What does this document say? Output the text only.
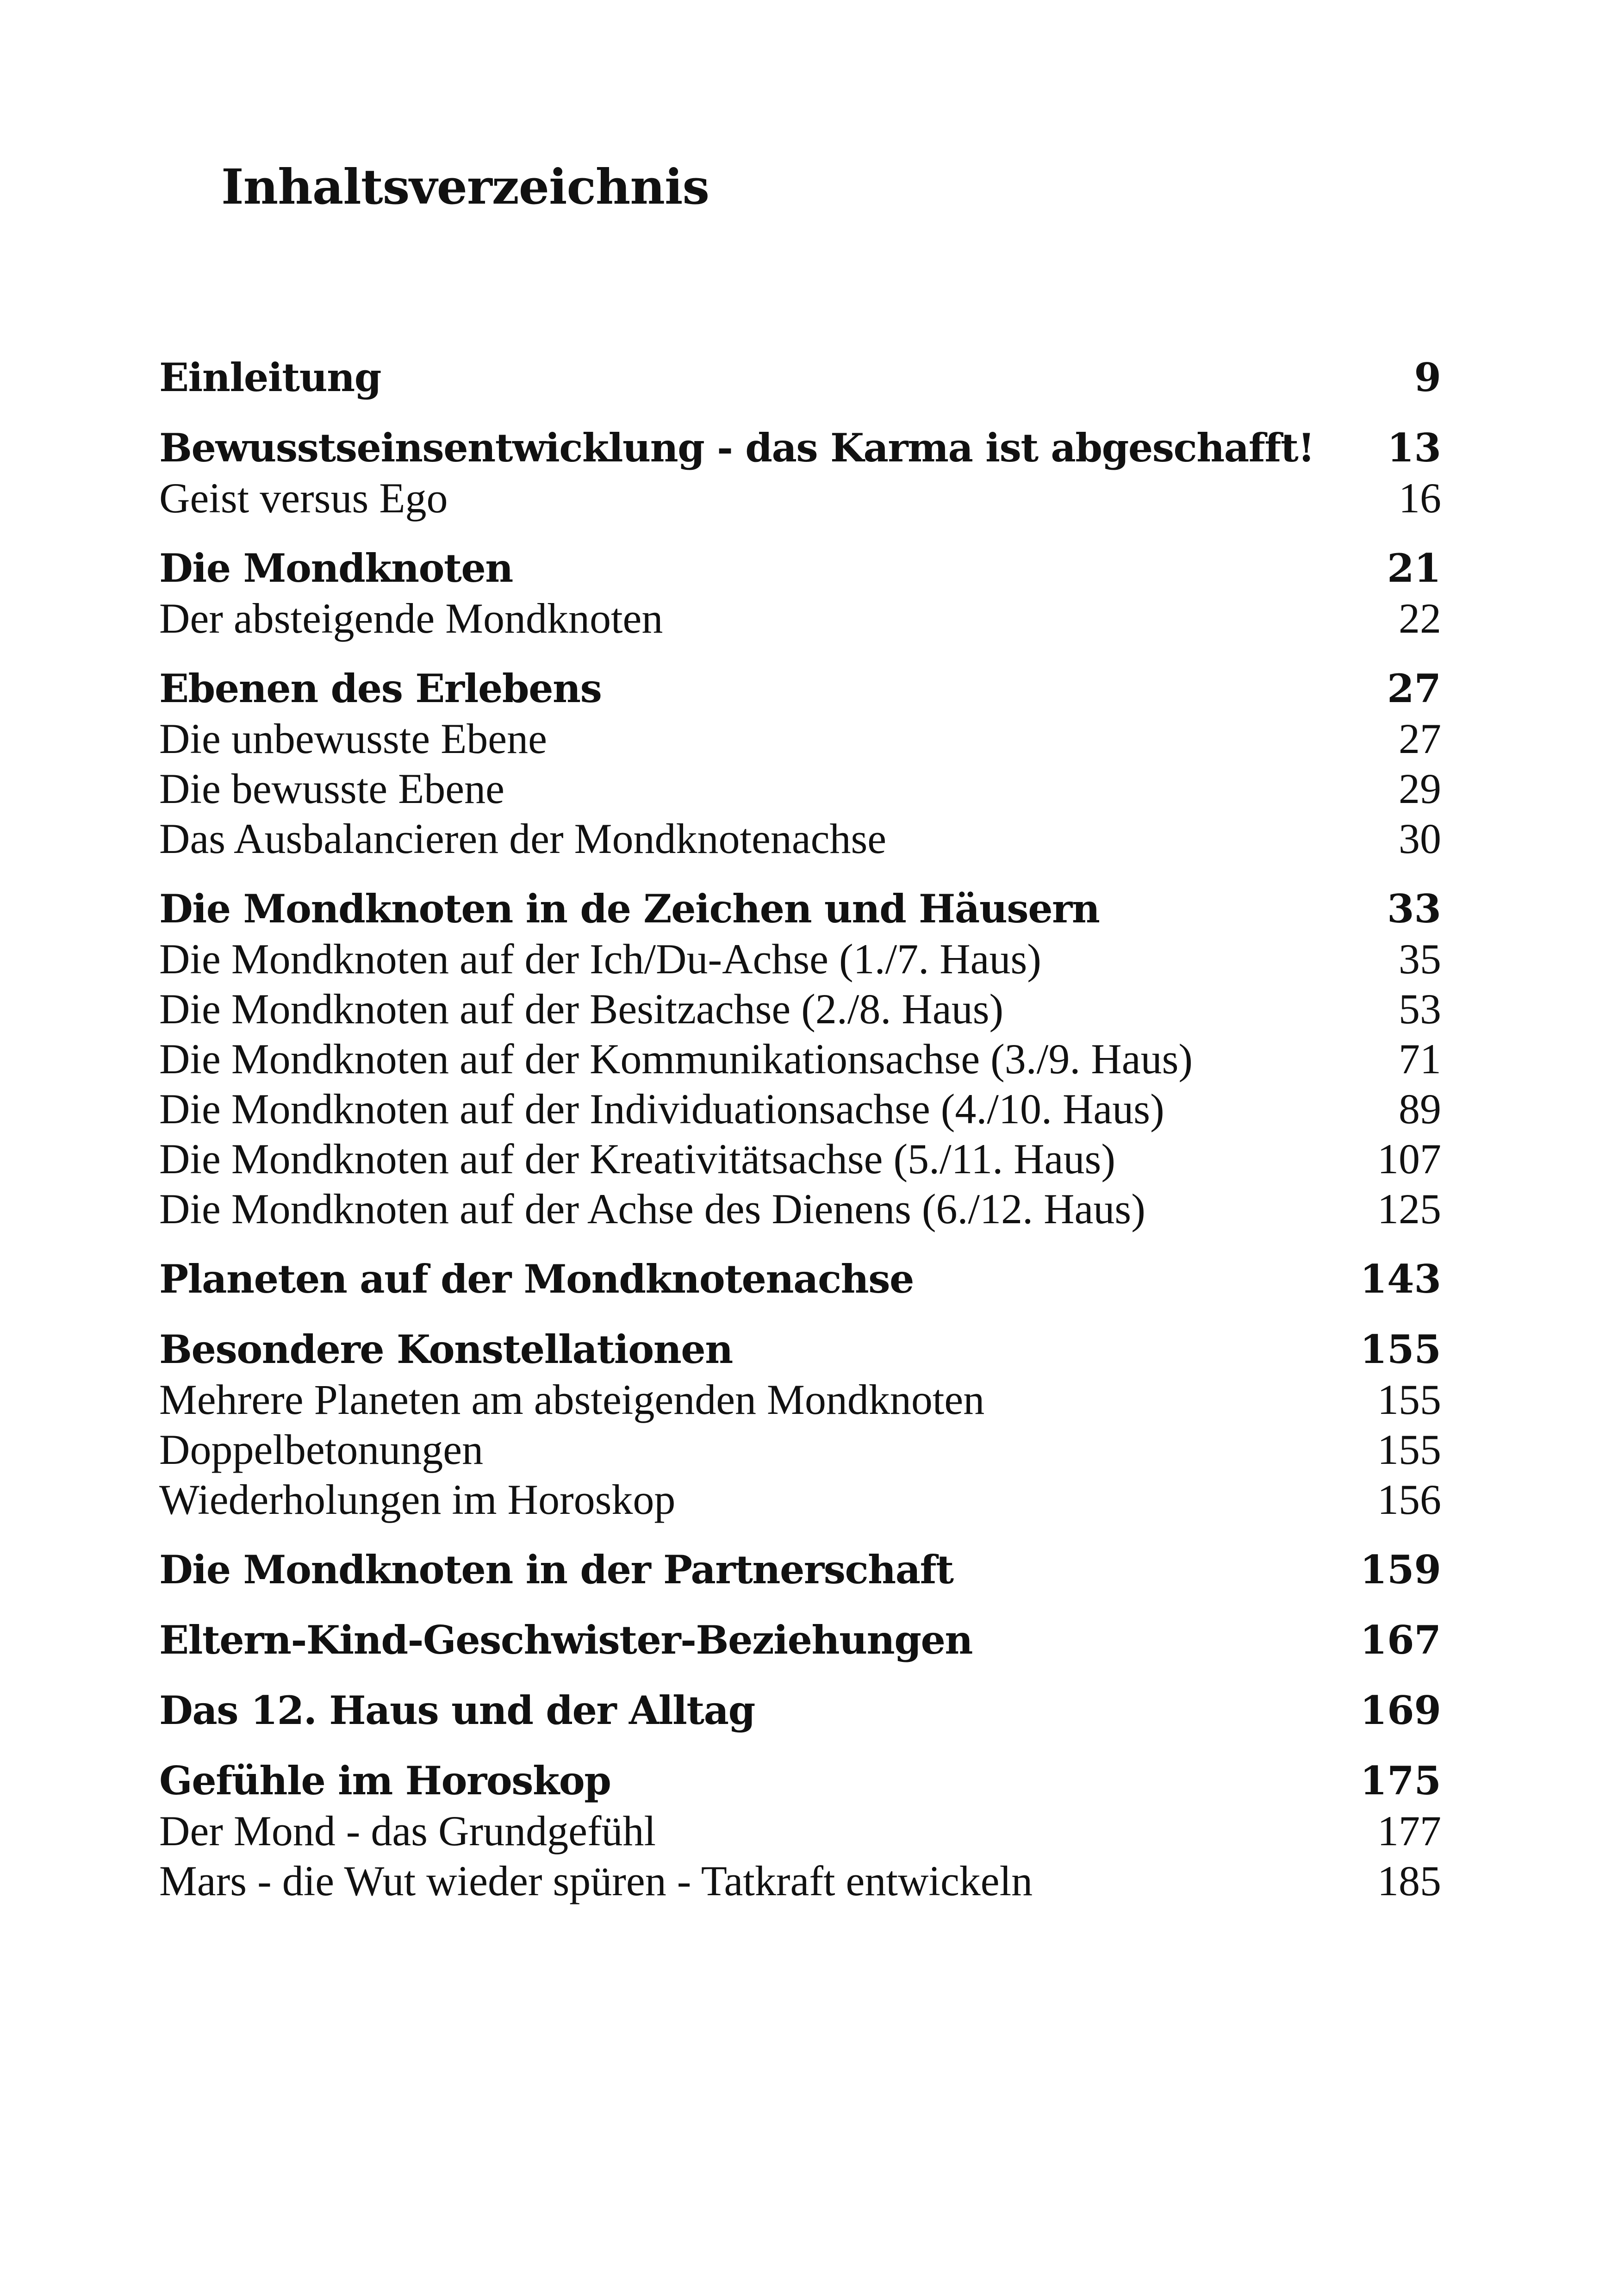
Inhaltsverzeichnis
Einleitung	9
Bewusstseinsentwicklung - das Karma ist abgeschafft! 13
Geist versus Ego	16
Die Mondknoten	21
Der absteigende Mondknoten	22
Ebenen des Erlebens	27
Die unbewusste Ebene	27
Die bewusste Ebene	29
Das Ausbalancieren der Mondknotenachse	30
Die Mondknoten in de Zeichen und Häusern	33
Die Mondknoten auf der Ich/Du-Achse (1./7. Haus)	35
Die Mondknoten auf der Besitzachse (2./8. Haus)	53
Die Mondknoten auf der Kommunikationsachse (3./9. Haus)	71
Die Mondknoten auf der Individuationsachse (4./10. Haus)	89
Die Mondknoten auf der Kreativitätsachse (5./11. Haus)	107
Die Mondknoten auf der Achse des Dienens (6./12. Haus)	125
Planeten auf der Mondknotenachse	143
Besondere Konstellationen	155
Mehrere Planeten am absteigenden Mondknoten	155
Doppelbetonungen	155
Wiederholungen im Horoskop	156
Die Mondknoten in der Partnerschaft	159
Eltern-Kind-Geschwister-Beziehungen	167
Das 12. Haus und der Alltag	169
Gefühle im Horoskop	175
Der Mond - das Grundgefühl	177
Mars - die Wut wieder spüren - Tatkraft entwickeln	185
